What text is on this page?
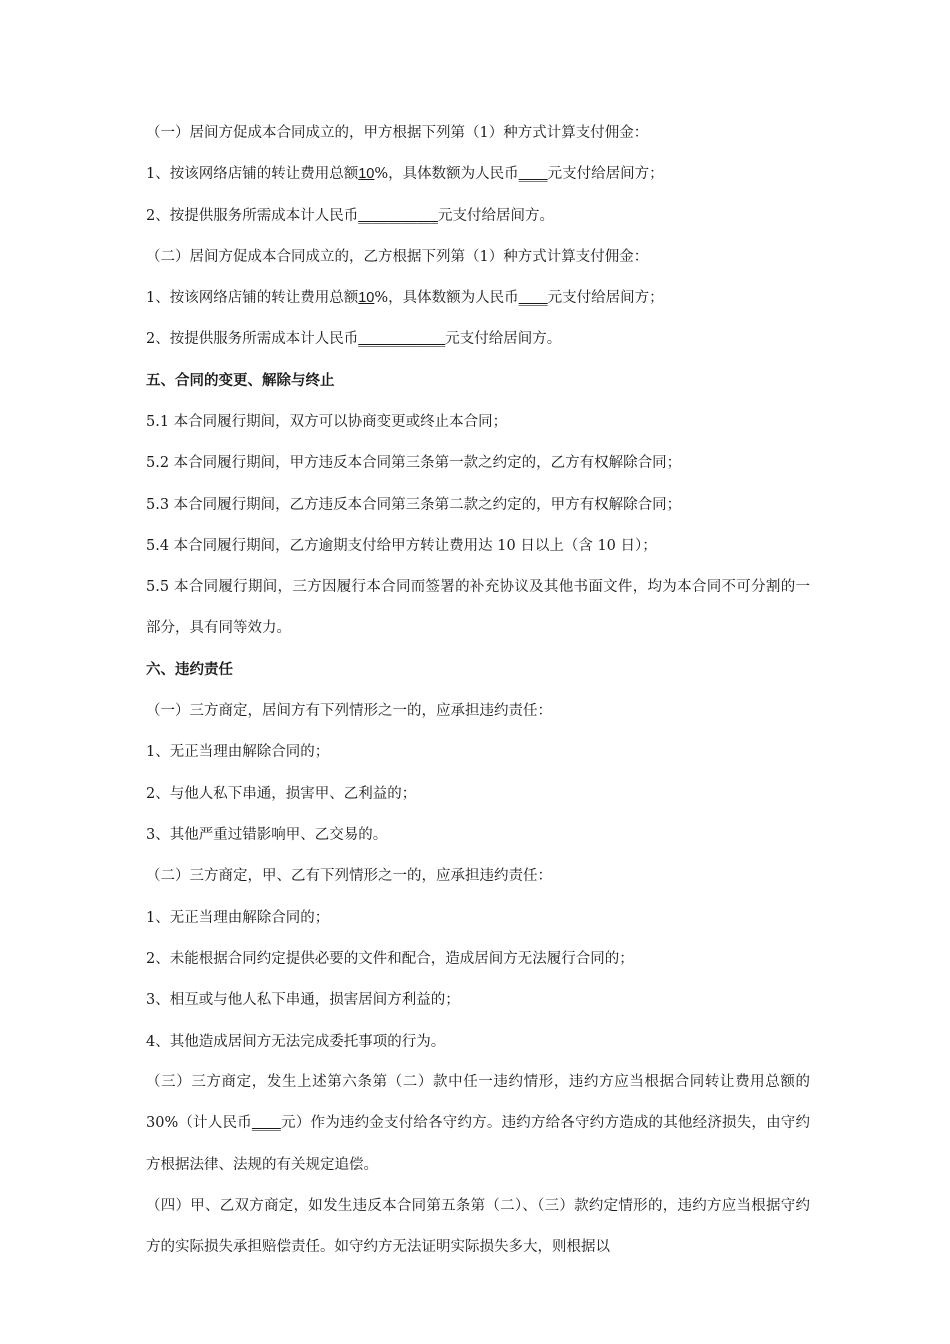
（一）居间方促成本合同成立的，甲方根据下列第（1）种方式计算支付佣金：

1、按该网络店铺的转让费用总额10%，具体数额为人民币____元支付给居间方；

2、按提供服务所需成本计人民币___________元支付给居间方。

（二）居间方促成本合同成立的，乙方根据下列第（1）种方式计算支付佣金：

1、按该网络店铺的转让费用总额10%，具体数额为人民币____元支付给居间方；

2、按提供服务所需成本计人民币____________元支付给居间方。

五、合同的变更、解除与终止

5.1 本合同履行期间，双方可以协商变更或终止本合同；

5.2 本合同履行期间，甲方违反本合同第三条第一款之约定的，乙方有权解除合同；

5.3 本合同履行期间，乙方违反本合同第三条第二款之约定的，甲方有权解除合同；

5.4 本合同履行期间，乙方逾期支付给甲方转让费用达 10 日以上（含 10 日）；

5.5 本合同履行期间，三方因履行本合同而签署的补充协议及其他书面文件，均为本合同不可分割的一部分，具有同等效力。

六、违约责任

（一）三方商定，居间方有下列情形之一的，应承担违约责任：

1、无正当理由解除合同的；

2、与他人私下串通，损害甲、乙利益的；

3、其他严重过错影响甲、乙交易的。

（二）三方商定，甲、乙有下列情形之一的，应承担违约责任：

1、无正当理由解除合同的；

2、未能根据合同约定提供必要的文件和配合，造成居间方无法履行合同的；

3、相互或与他人私下串通，损害居间方利益的；

4、其他造成居间方无法完成委托事项的行为。

（三）三方商定，发生上述第六条第（二）款中任一违约情形，违约方应当根据合同转让费用总额的 30%（计人民币____元）作为违约金支付给各守约方。违约方给各守约方造成的其他经济损失，由守约方根据法律、法规的有关规定追偿。

（四）甲、乙双方商定，如发生违反本合同第五条第（二）、（三）款约定情形的，违约方应当根据守约方的实际损失承担赔偿责任。如守约方无法证明实际损失多大，则根据以
